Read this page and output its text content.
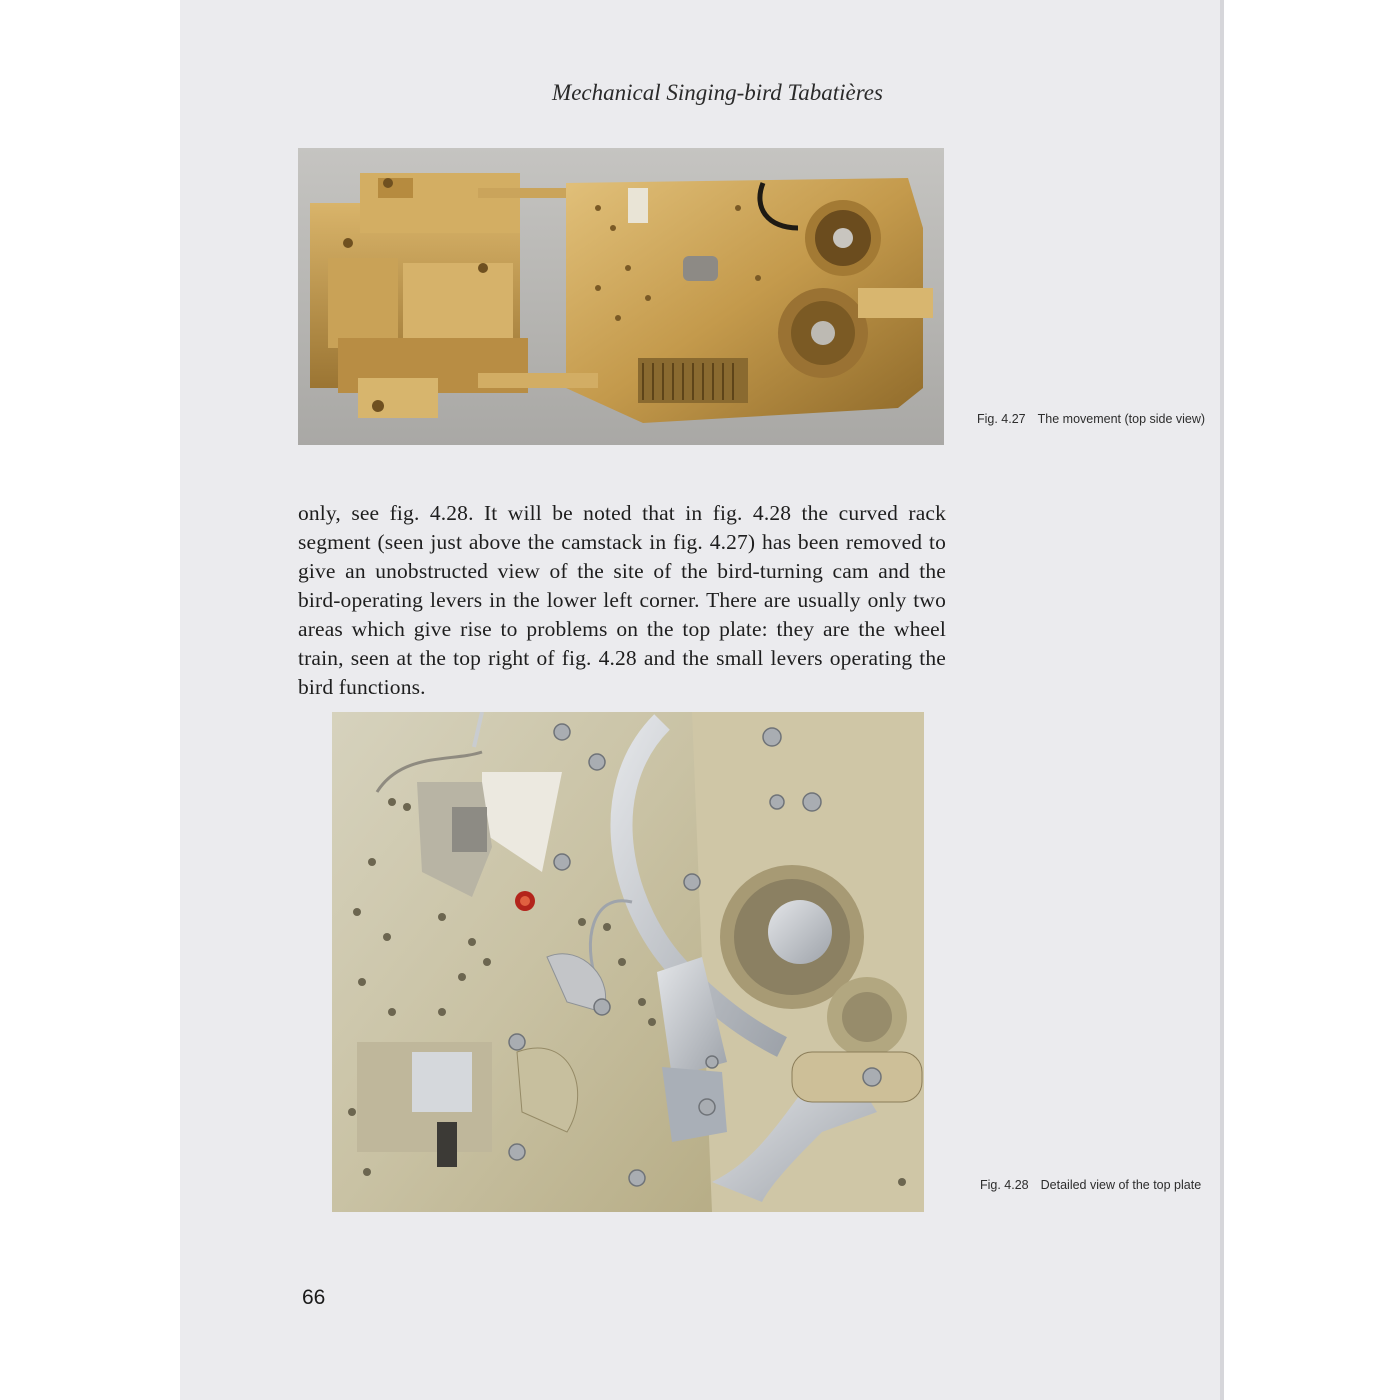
Mechanical Singing-bird Tabatières
Fig. 4.27 The movement (top side view)

only, see fig. 4.28. It will be noted that in fig. 4.28 the curved rack segment (seen just above the camstack in fig. 4.27) has been removed to give an unobstructed view of the site of the bird-turning cam and the bird-operating levers in the lower left corner. There are usually only two areas which give rise to problems on the top plate: they are the wheel train, seen at the top right of fig. 4.28 and the small levers operating the bird functions.

Fig. 4.28 Detailed view of the top plate
66
